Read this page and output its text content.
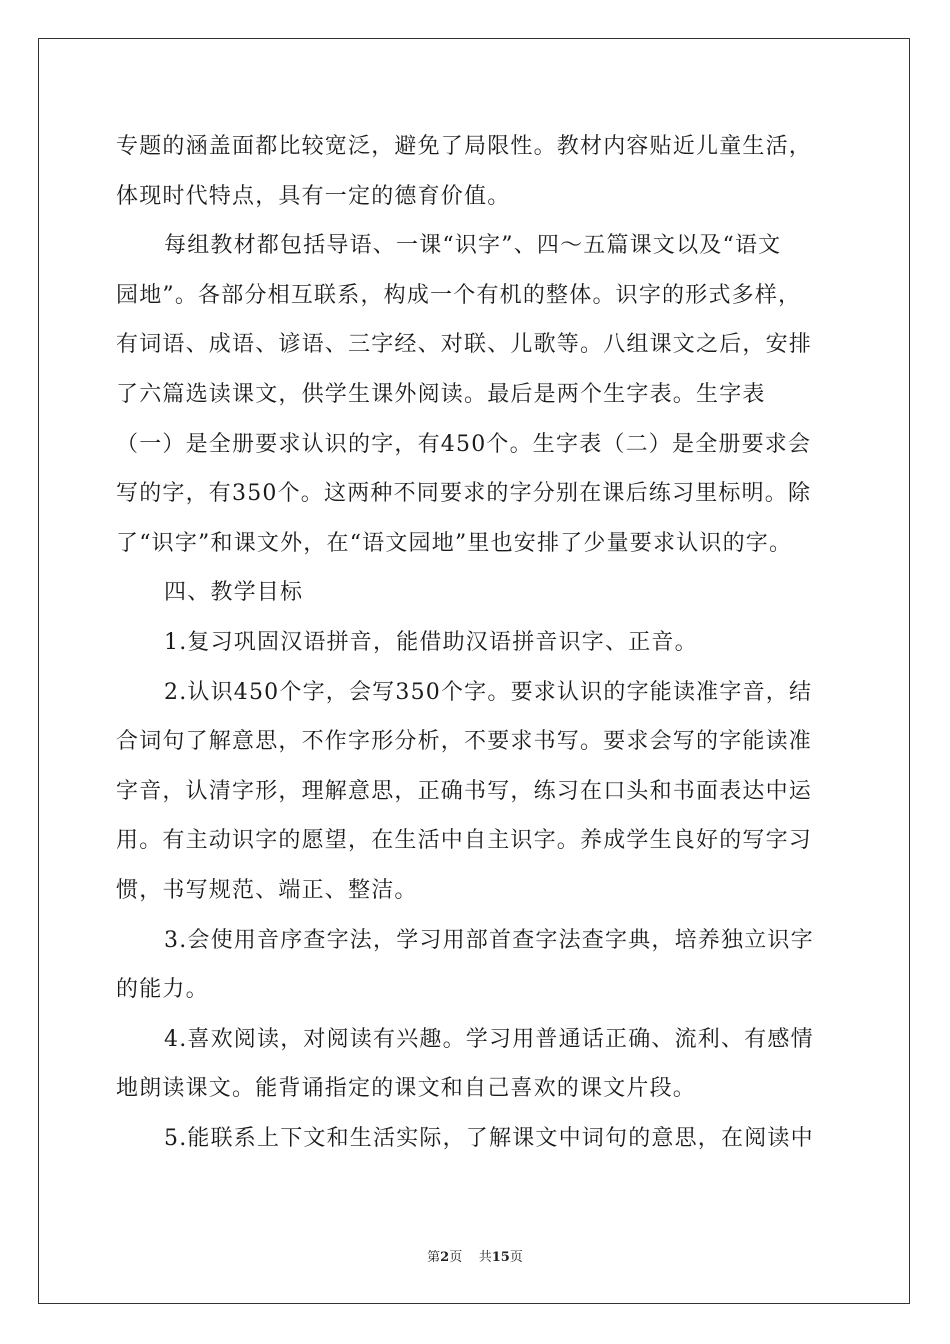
专题的涵盖面都比较宽泛，避免了局限性。教材内容贴近儿童生活，
体现时代特点，具有一定的德育价值。
每组教材都包括导语、一课“识字”、四～五篇课文以及“语文
园地”。各部分相互联系，构成一个有机的整体。识字的形式多样，
有词语、成语、谚语、三字经、对联、儿歌等。八组课文之后，安排
了六篇选读课文，供学生课外阅读。最后是两个生字表。生字表
（一）是全册要求认识的字，有450个。生字表（二）是全册要求会
写的字，有350个。这两种不同要求的字分别在课后练习里标明。除
了“识字”和课文外，在“语文园地”里也安排了少量要求认识的字。
四、教学目标
1.复习巩固汉语拼音，能借助汉语拼音识字、正音。
2.认识450个字，会写350个字。要求认识的字能读准字音，结
合词句了解意思，不作字形分析，不要求书写。要求会写的字能读准
字音，认清字形，理解意思，正确书写，练习在口头和书面表达中运
用。有主动识字的愿望，在生活中自主识字。养成学生良好的写字习
惯，书写规范、端正、整洁。
3.会使用音序查字法，学习用部首查字法查字典，培养独立识字
的能力。
4.喜欢阅读，对阅读有兴趣。学习用普通话正确、流利、有感情
地朗读课文。能背诵指定的课文和自己喜欢的课文片段。
5.能联系上下文和生活实际，了解课文中词句的意思，在阅读中
第2页    共15页
